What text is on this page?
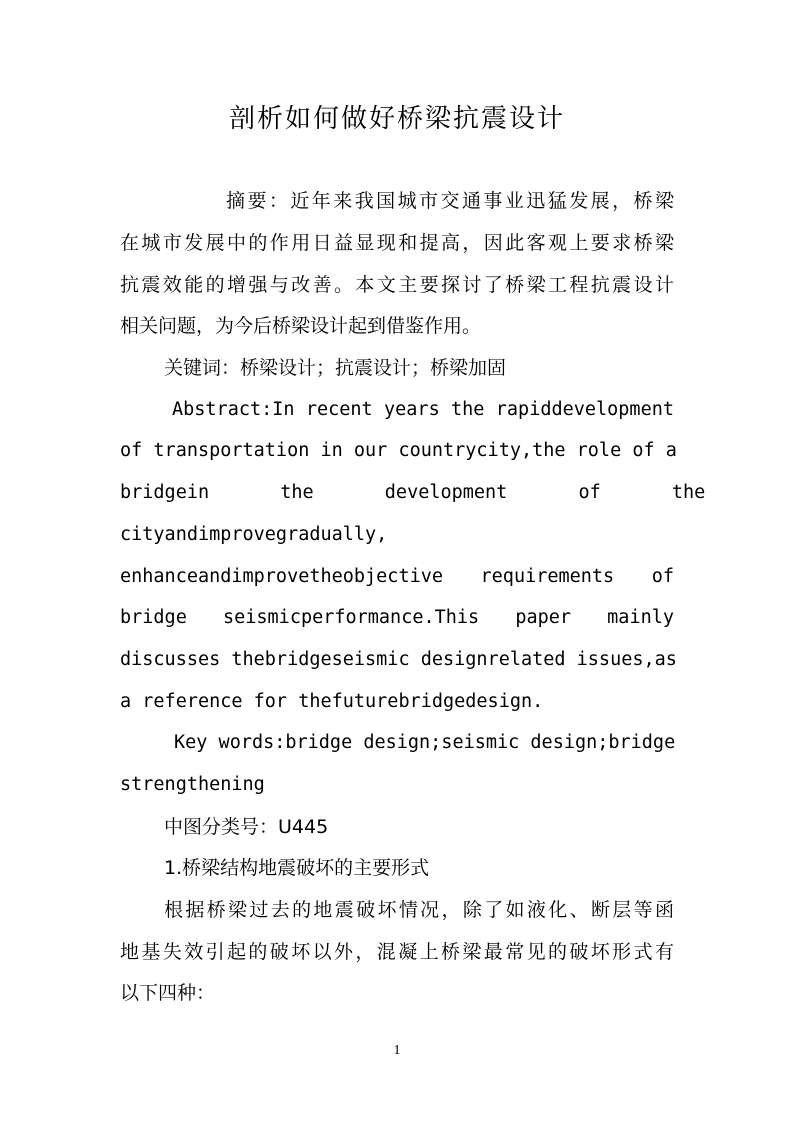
剖析如何做好桥梁抗震设计
摘要：近年来我国城市交通事业迅猛发展，桥梁
在城市发展中的作用日益显现和提高，因此客观上要求桥梁
抗震效能的增强与改善。本文主要探讨了桥梁工程抗震设计
相关问题，为今后桥梁设计起到借鉴作用。
关键词：桥梁设计；抗震设计；桥梁加固
Abstract:In recent years the rapiddevelopment
of transportation in our countrycity,the role of a
bridgein the development of the
cityandimprovegradually,
enhanceandimprovetheobjective requirements of
bridge seismicperformance.This paper mainly
discusses thebridgeseismic designrelated issues,as
a reference for thefuturebridgedesign.
Key words:bridge design;seismic design;bridge
strengthening
中图分类号：U445
1.桥梁结构地震破坏的主要形式
根据桥梁过去的地震破坏情况，除了如液化、断层等函
地基失效引起的破坏以外，混凝上桥梁最常见的破坏形式有
以下四种：
1
